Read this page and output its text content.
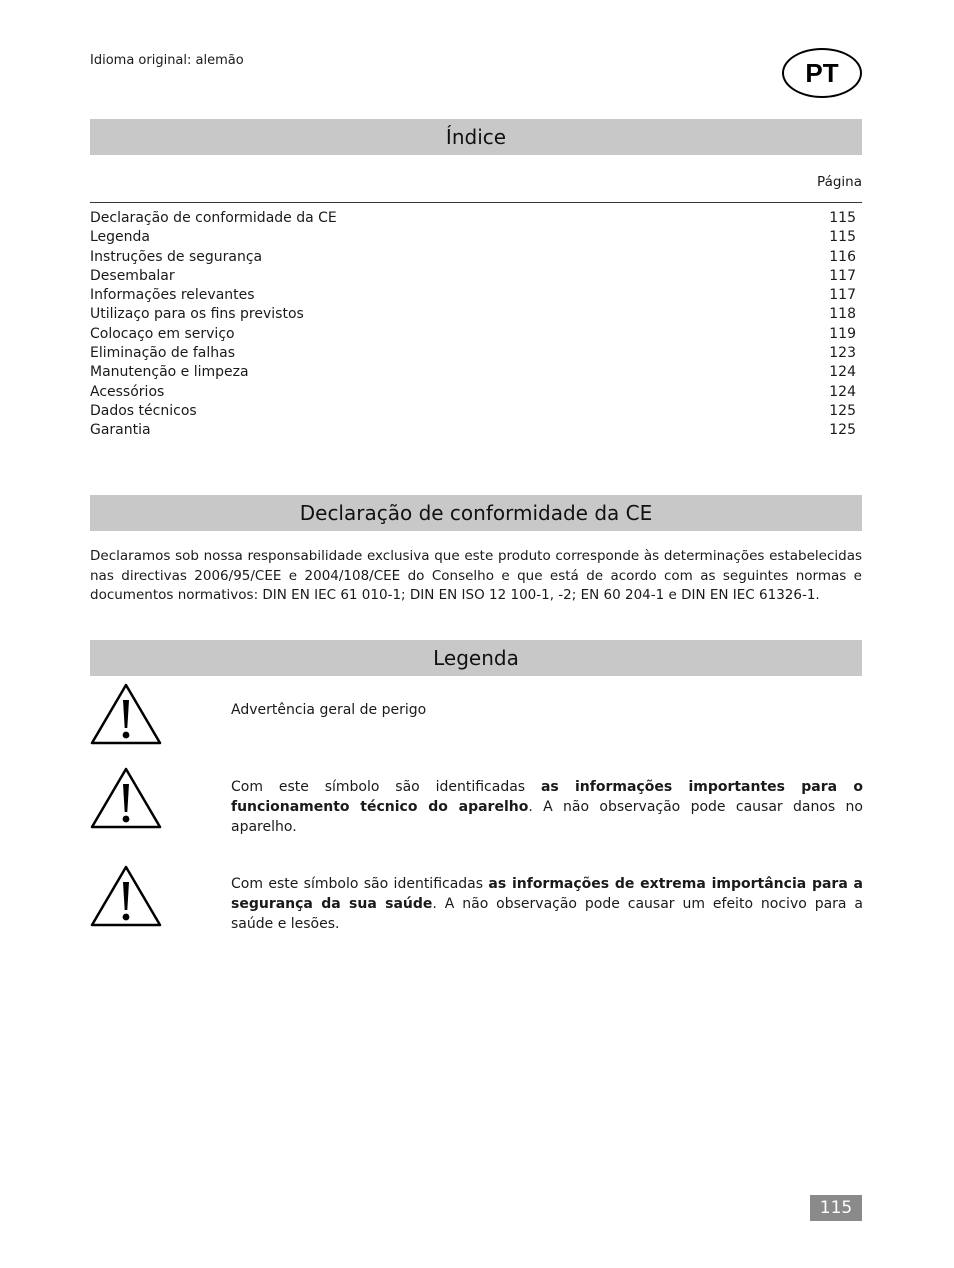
Idioma original: alemão	PT
Índice
Página
Declaração de conformidade da CE	115
Legenda	115
Instruções de segurança	116
Desembalar	117
Informações relevantes	117
Utilizaço para os fins previstos	118
Colocaço em serviço	119
Eliminação de falhas	123
Manutenção e limpeza	124
Acessórios	124
Dados técnicos	125
Garantia	125
Declaração de conformidade da CE

Declaramos sob nossa responsabilidade exclusiva que este produto corresponde às determinações estabelecidas nas directivas 2006/95/CEE e 2004/108/CEE do Conselho e que está de acordo com as seguintes normas e documentos normativos: DIN EN IEC 61 010-1; DIN EN ISO 12 100-1, -2; EN 60 204-1 e DIN EN IEC 61326-1.

Legenda
Advertência geral de perigo
Com este símbolo são identificadas as informações importantes para o funcionamento técnico do aparelho. A não observação pode causar danos no aparelho.
Com este símbolo são identificadas as informações de extrema importância para a segurança da sua saúde. A não observação pode causar um efeito nocivo para a saúde e lesões.
115
